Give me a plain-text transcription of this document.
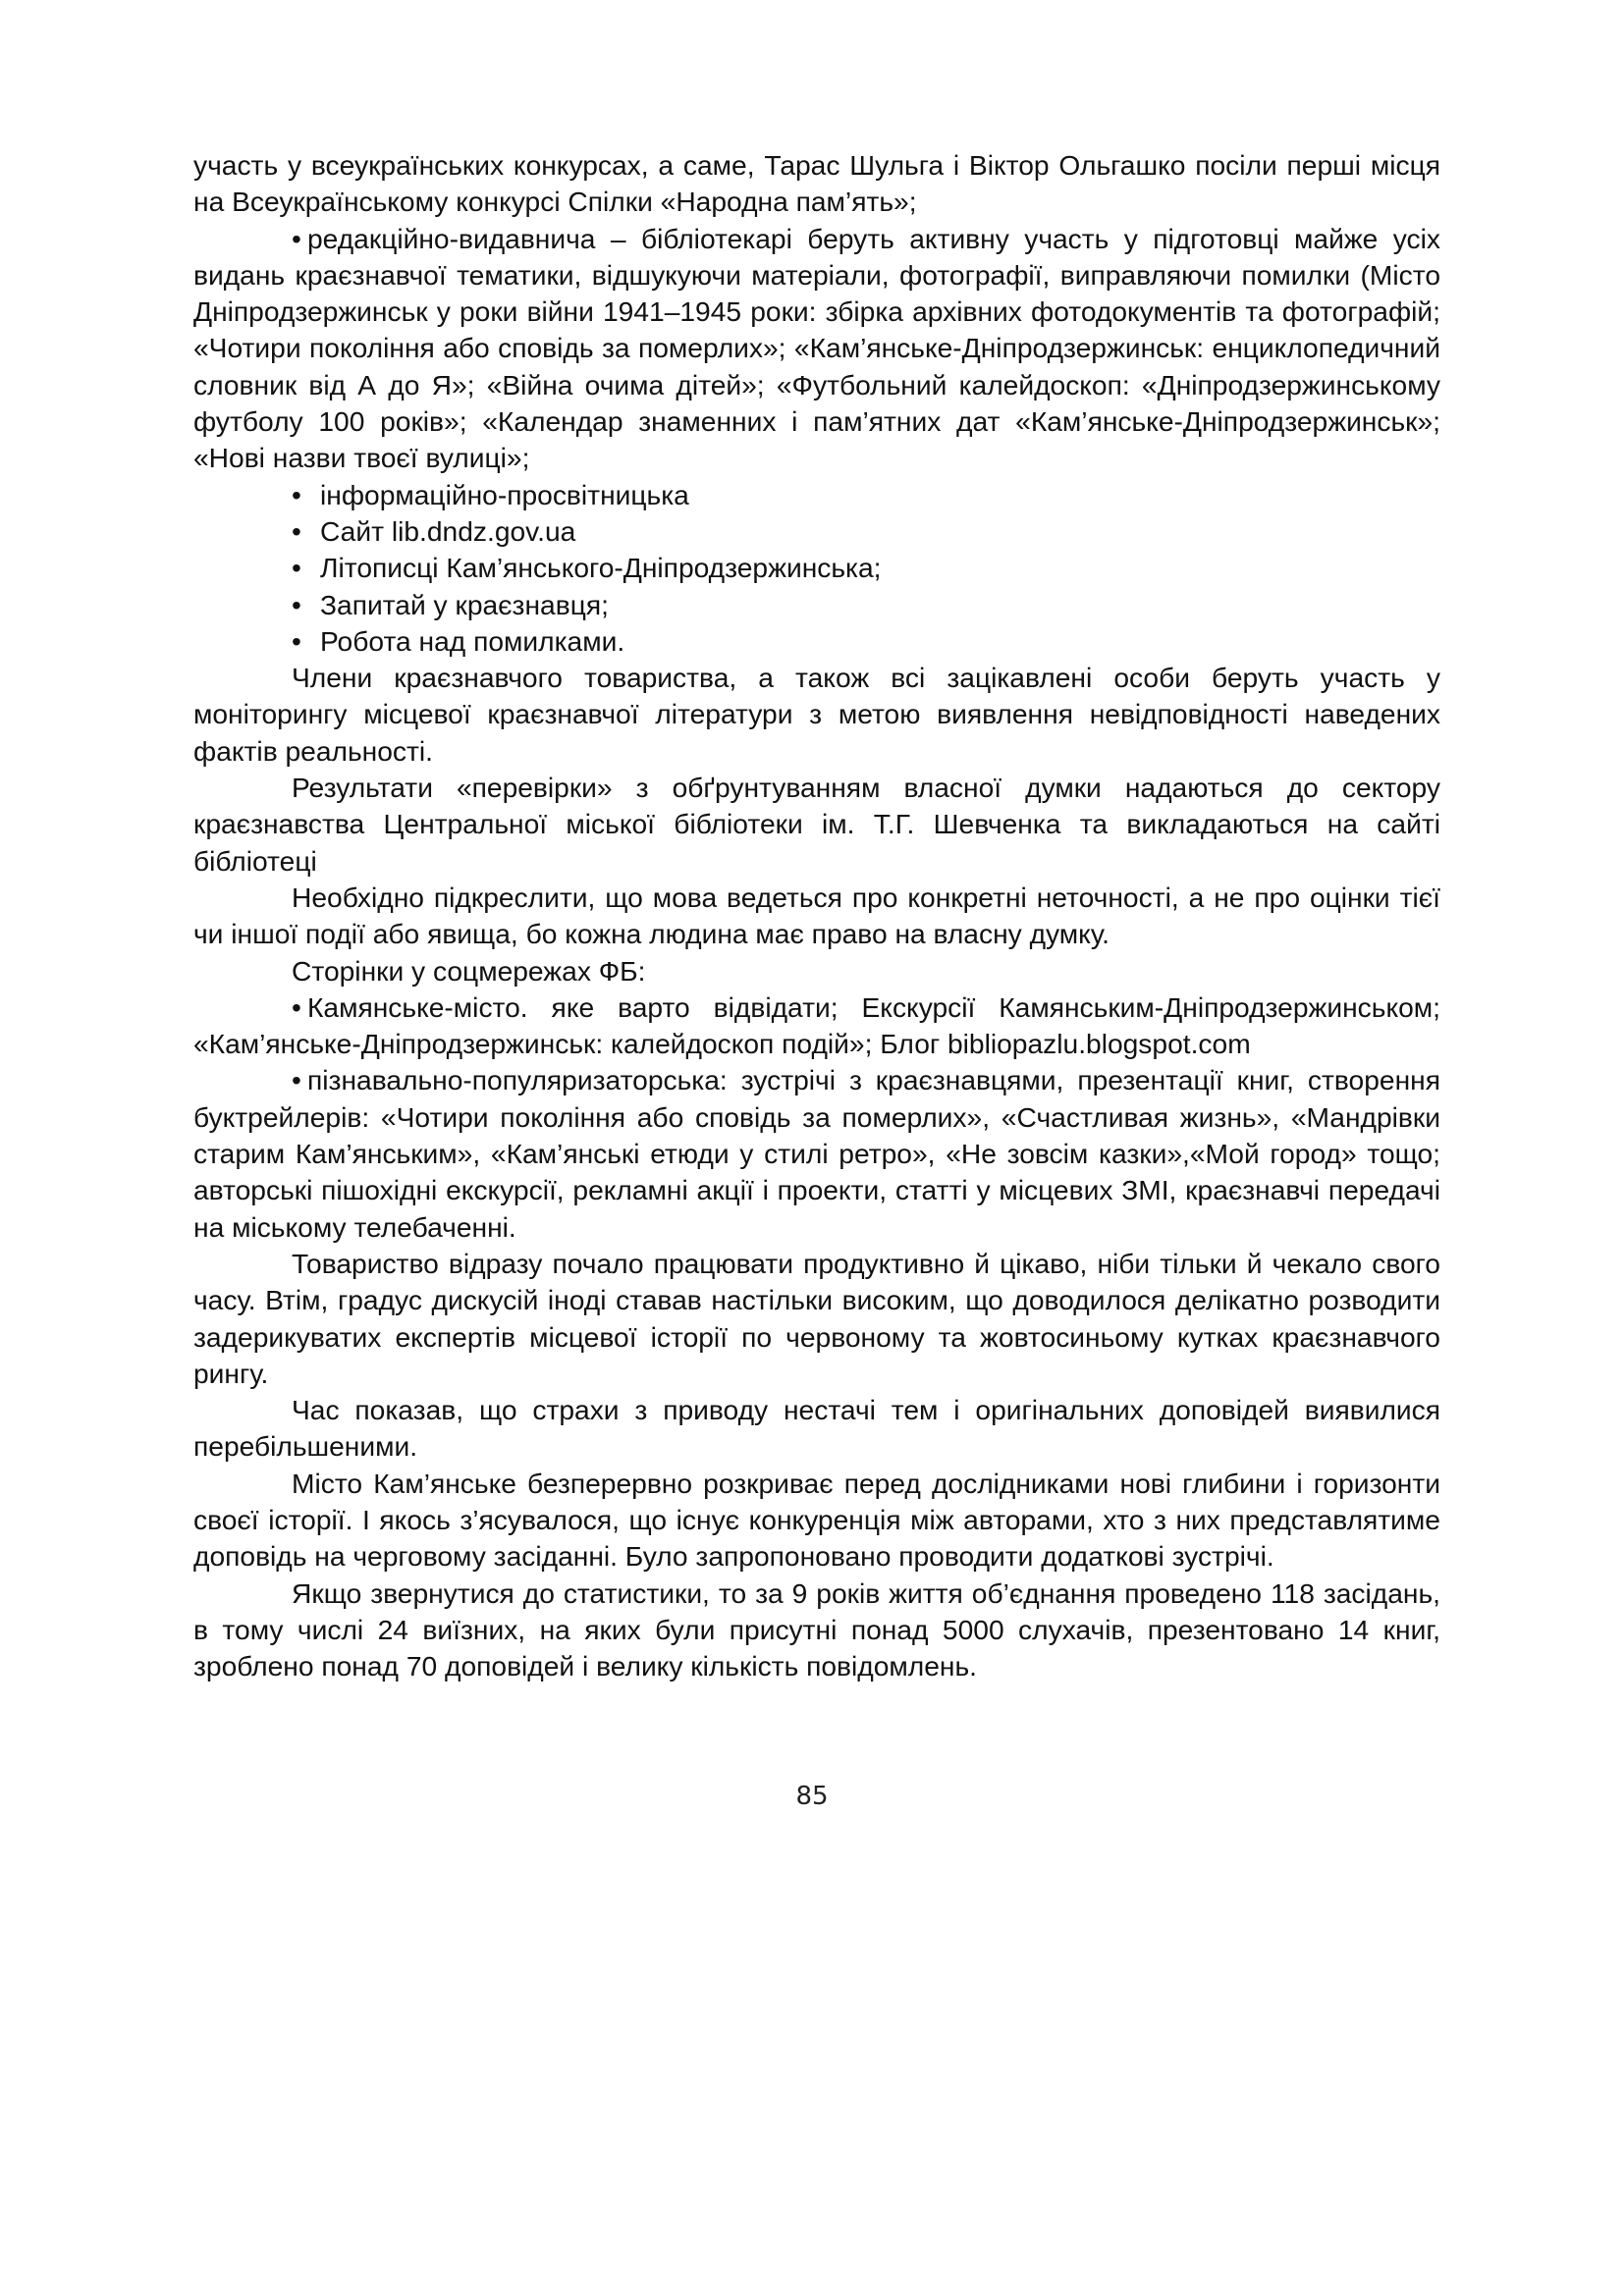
участь у всеукраїнських конкурсах, а саме, Тарас Шульга і Віктор Ольгашко посіли перші місця на Всеукраїнському конкурсі Спілки «Народна пам’ять»;

• редакційно-видавнича – бібліотекарі беруть активну участь у підготовці майже усіх видань краєзнавчої тематики, відшукуючи матеріали, фотографії, виправляючи помилки (Місто Дніпродзержинськ у роки війни 1941–1945 роки: збірка архівних фотодокументів та фотографій; «Чотири покоління або сповідь за померлих»; «Кам’янське-Дніпродзержинськ: енциклопедичний словник від А до Я»; «Війна очима дітей»; «Футбольний калейдоскоп: «Дніпродзержинському футболу 100 років»; «Календар знаменних і пам’ятних дат «Кам’янське-Дніпродзержинськ»; «Нові назви твоєї вулиці»;

• інформаційно-просвітницька
• Сайт lib.dndz.gov.ua
• Літописці Кам’янського-Дніпродзержинська;
• Запитай у краєзнавця;
• Робота над помилками.

Члени краєзнавчого товариства, а також всі зацікавлені особи беруть участь у моніторингу місцевої краєзнавчої літератури з метою виявлення невідповідності наведених фактів реальності.

Результати «перевірки» з обґрунтуванням власної думки надаються до сектору краєзнавства Центральної міської бібліотеки ім. Т.Г. Шевченка та викладаються на сайті бібліотеці

Необхідно підкреслити, що мова ведеться про конкретні неточності, а не про оцінки тієї чи іншої події або явища, бо кожна людина має право на власну думку.

Сторінки у соцмережах ФБ:

• Камянське-місто. яке варто відвідати; Екскурсії Камянським-Дніпродзержинськом; «Кам’янське-Дніпродзержинськ: калейдоскоп подій»; Блог bibliopazlu.blogspot.com

• пізнавально-популяризаторська: зустрічі з краєзнавцями, презентації книг, створення буктрейлерів: «Чотири покоління або сповідь за померлих», «Счастливая жизнь», «Мандрівки старим Кам’янським», «Кам’янські етюди у стилі ретро», «Не зовсім казки»,«Мой город» тощо; авторські пішохідні екскурсії, рекламні акції і проекти, статті у місцевих ЗМІ, краєзнавчі передачі на міському телебаченні.

Товариство відразу почало працювати продуктивно й цікаво, ніби тільки й чекало свого часу. Втім, градус дискусій іноді ставав настільки високим, що доводилося делікатно розводити задерикуватих експертів місцевої історії по червоному та жовтосиньому кутках краєзнавчого рингу.

Час показав, що страхи з приводу нестачі тем і оригінальних доповідей виявилися перебільшеними.

Місто Кам’янське безперервно розкриває перед дослідниками нові глибини і горизонти своєї історії. І якось з’ясувалося, що існує конкуренція між авторами, хто з них представлятиме доповідь на черговому засіданні. Було запропоновано проводити додаткові зустрічі.

Якщо звернутися до статистики, то за 9 років життя об’єднання проведено 118 засідань, в тому числі 24 виїзних, на яких були присутні понад 5000 слухачів, презентовано 14 книг, зроблено понад 70 доповідей і велику кількість повідомлень.

85
